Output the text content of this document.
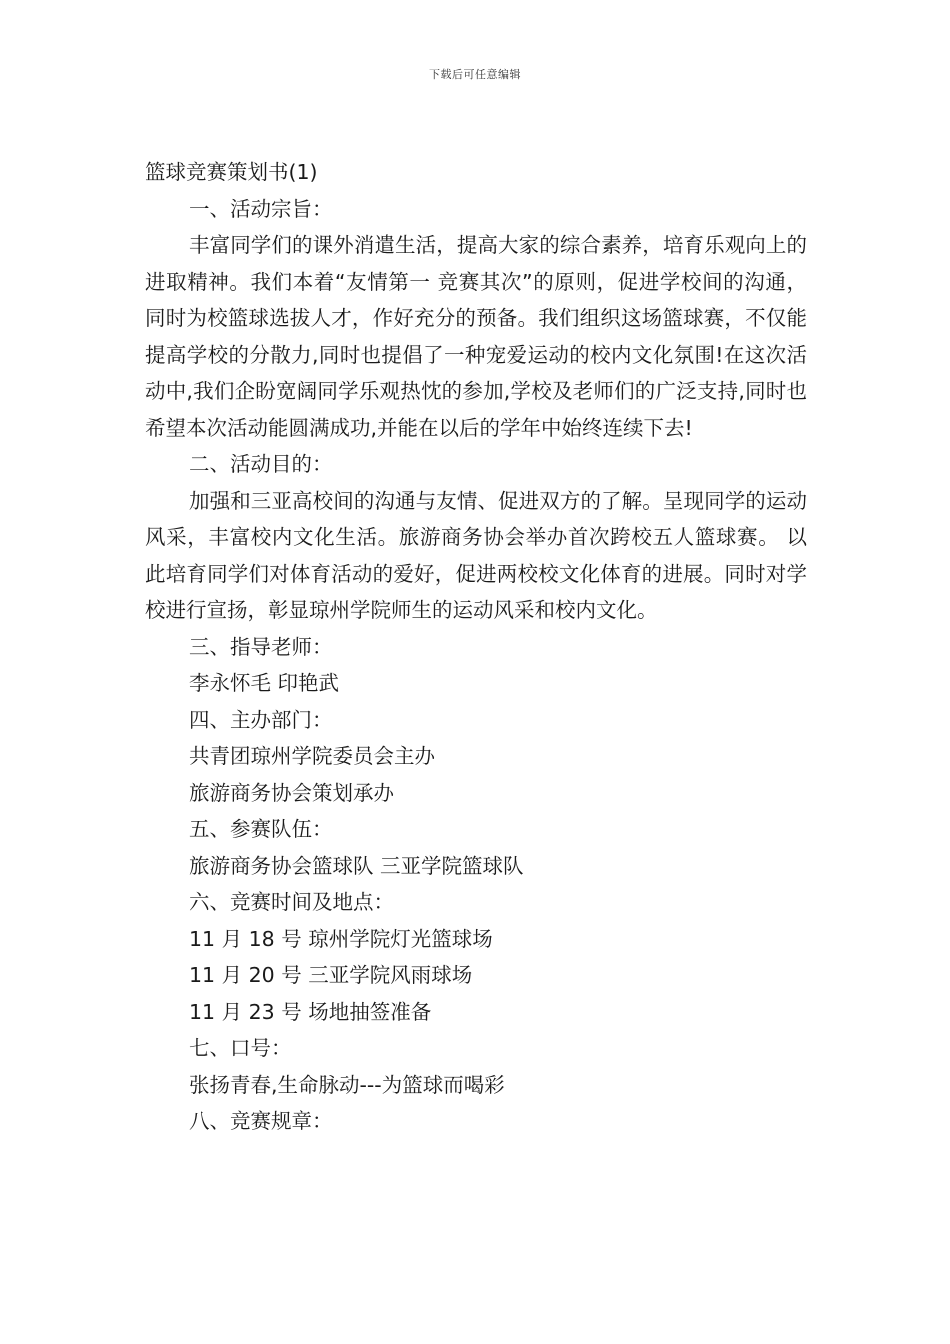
下载后可任意编辑

篮球竞赛策划书(1)

一、活动宗旨：

丰富同学们的课外消遣生活，提高大家的综合素养，培育乐观向上的进取精神。我们本着“友情第一 竞赛其次”的原则，促进学校间的沟通，同时为校篮球选拔人才，作好充分的预备。我们组织这场篮球赛，不仅能提高学校的分散力,同时也提倡了一种宠爱运动的校内文化氛围!在这次活动中,我们企盼宽阔同学乐观热忱的参加,学校及老师们的广泛支持,同时也希望本次活动能圆满成功,并能在以后的学年中始终连续下去!

二、活动目的：

加强和三亚高校间的沟通与友情、促进双方的了解。呈现同学的运动风采，丰富校内文化生活。旅游商务协会举办首次跨校五人篮球赛。 以此培育同学们对体育活动的爱好，促进两校校文化体育的进展。同时对学校进行宣扬，彰显琼州学院师生的运动风采和校内文化。

三、指导老师：

李永怀毛 印艳武

四、主办部门：

共青团琼州学院委员会主办

旅游商务协会策划承办

五、参赛队伍：

旅游商务协会篮球队 三亚学院篮球队

六、竞赛时间及地点：

11 月 18 号 琼州学院灯光篮球场

11 月 20 号 三亚学院风雨球场

11 月 23 号 场地抽签准备

七、口号：

张扬青春,生命脉动---为篮球而喝彩

八、竞赛规章：
